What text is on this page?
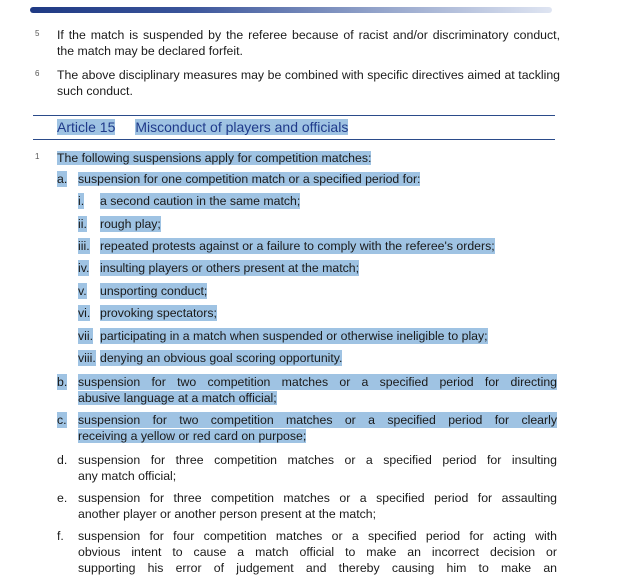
5 If the match is suspended by the referee because of racist and/or discriminatory conduct, the match may be declared forfeit.
6 The above disciplinary measures may be combined with specific directives aimed at tackling such conduct.
Article 15 Misconduct of players and officials
1 The following suspensions apply for competition matches:
a. suspension for one competition match or a specified period for:
i. a second caution in the same match;
ii. rough play;
iii. repeated protests against or a failure to comply with the referee's orders;
iv. insulting players or others present at the match;
v. unsporting conduct;
vi. provoking spectators;
vii. participating in a match when suspended or otherwise ineligible to play;
viii. denying an obvious goal scoring opportunity.
b. suspension for two competition matches or a specified period for directing
abusive language at a match official;
c. suspension for two competition matches or a specified period for clearly
receiving a yellow or red card on purpose;
d. suspension for three competition matches or a specified period for insulting
any match official;
e. suspension for three competition matches or a specified period for assaulting
another player or another person present at the match;
f. suspension for four competition matches or a specified period for acting with
obvious intent to cause a match official to make an incorrect decision or
supporting his error of judgement and thereby causing him to make an
